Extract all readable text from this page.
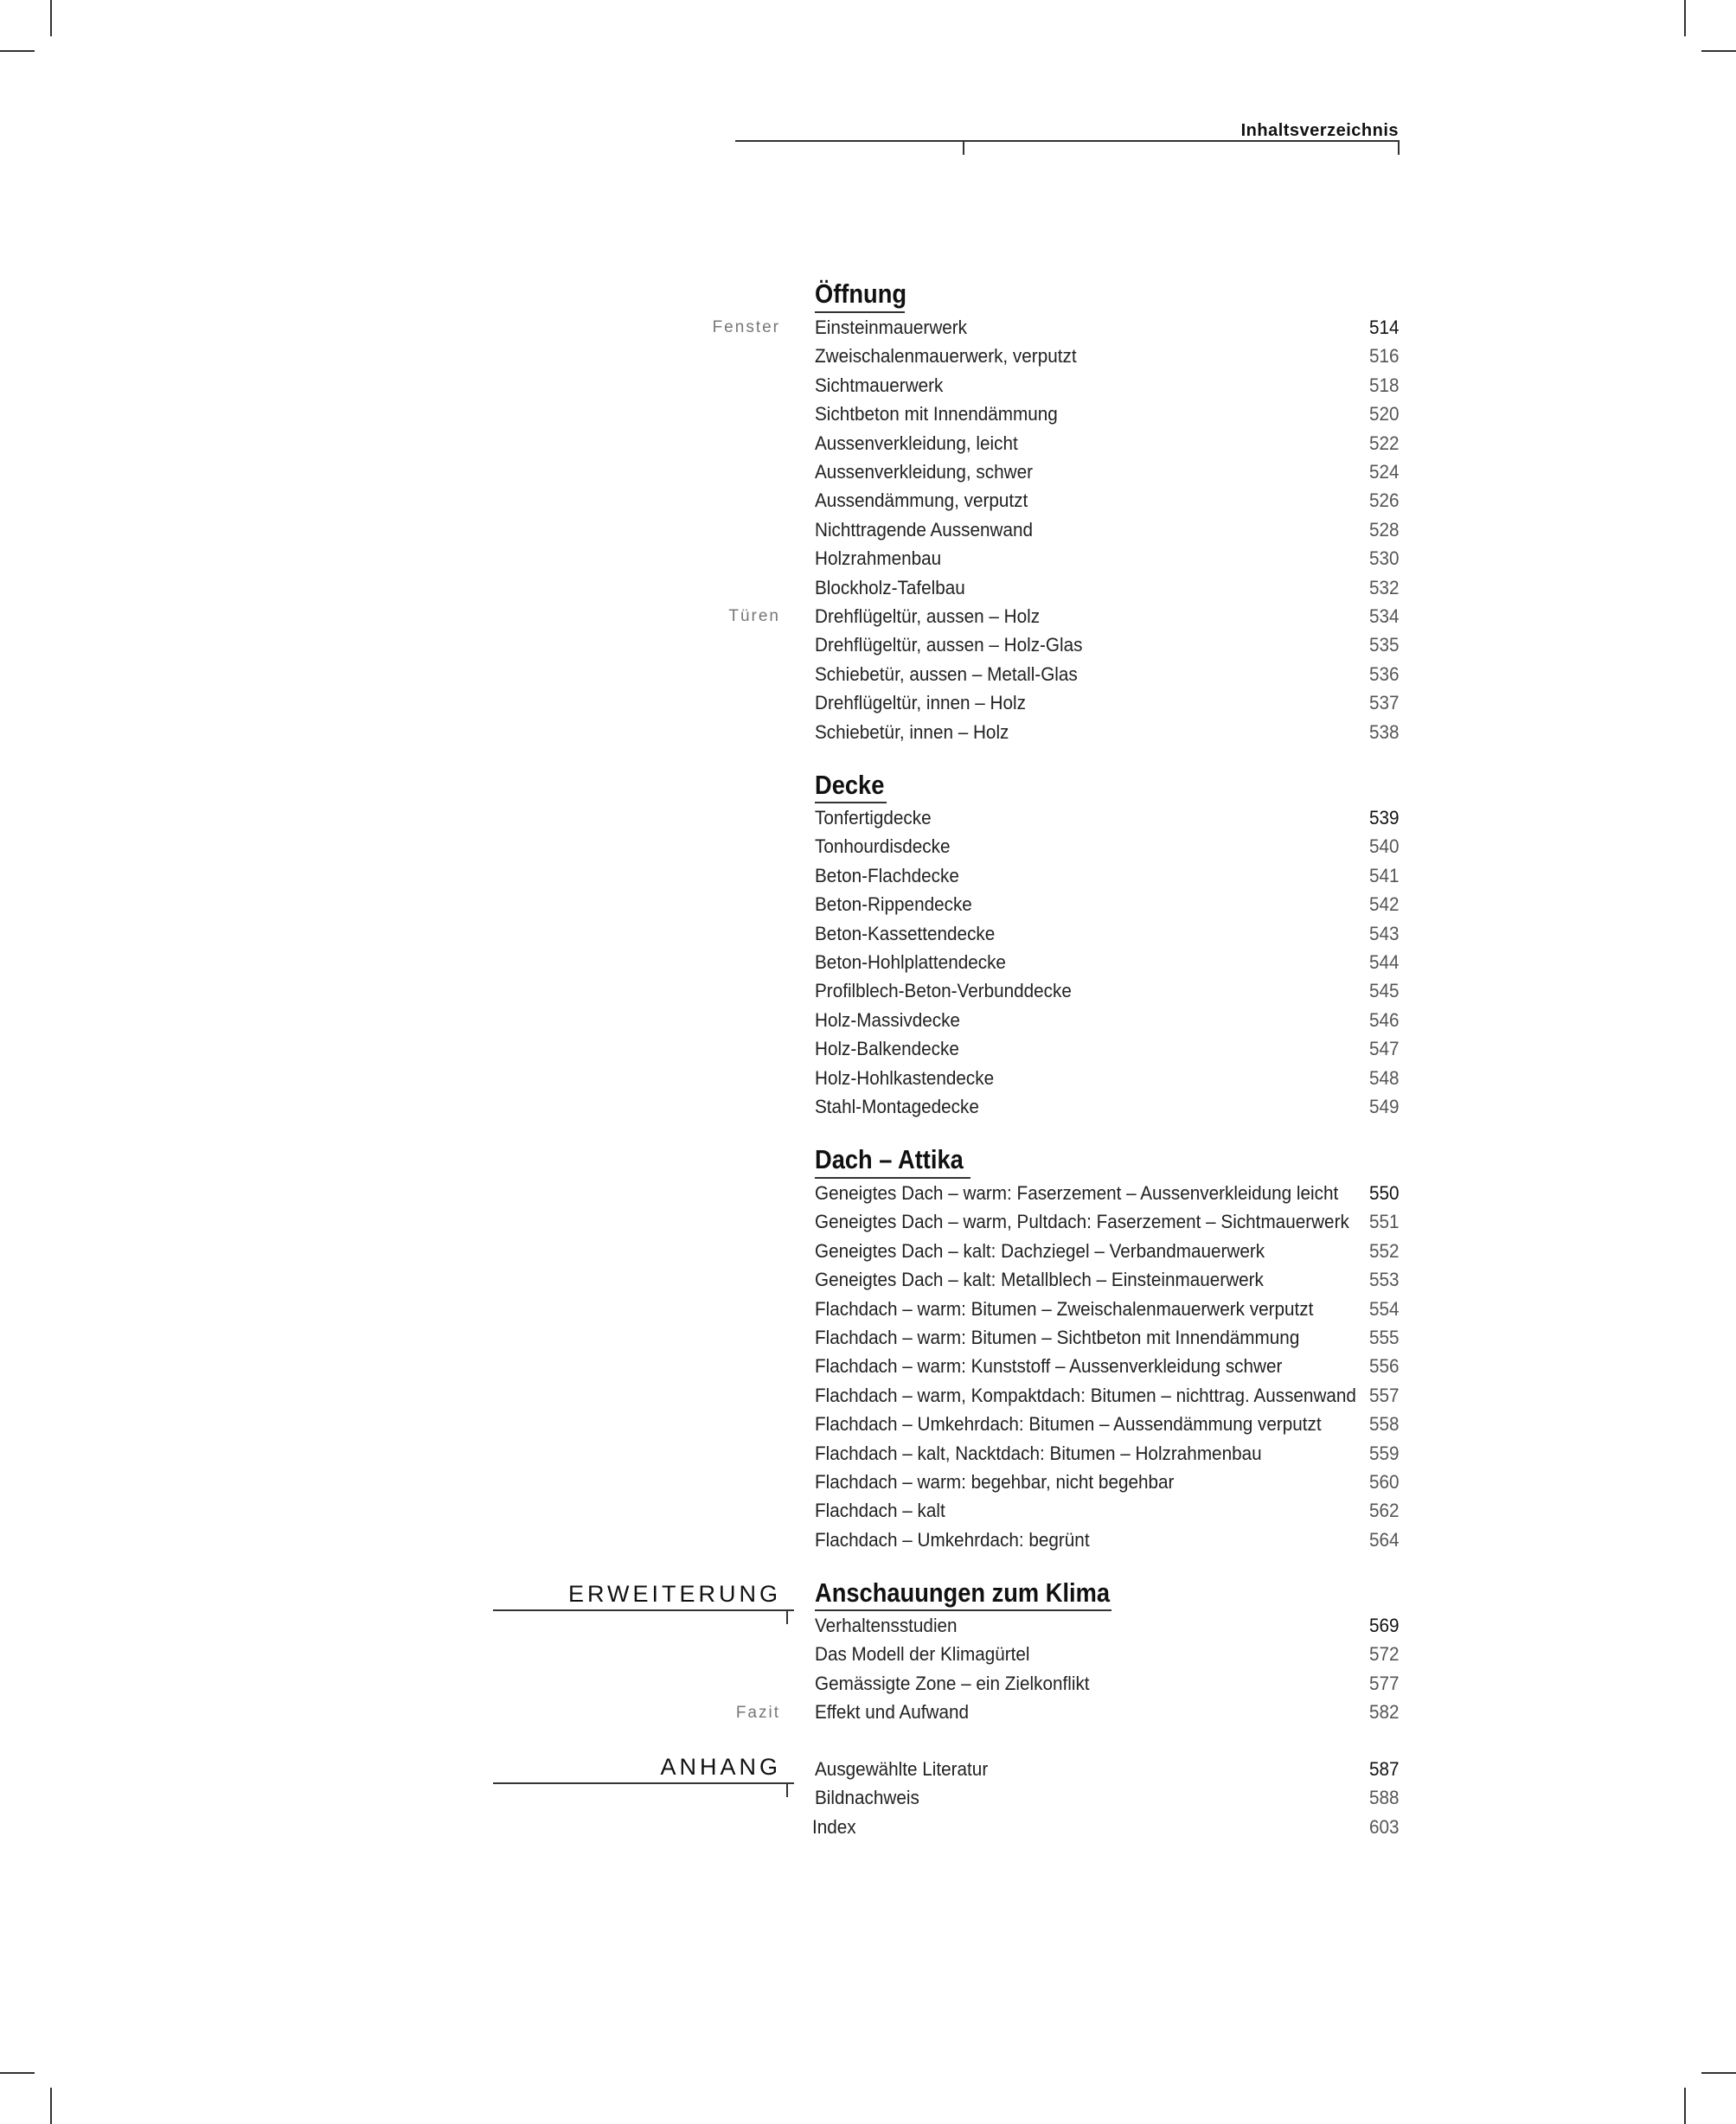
Inhaltsverzeichnis
Öffnung
Fenster
Türen
Einsteinmauerwerk	514
Zweischalenmauerwerk, verputzt	516
Sichtmauerwerk	518
Sichtbeton mit Innendämmung	520
Aussenverkleidung, leicht	522
Aussenverkleidung, schwer	524
Aussendämmung, verputzt	526
Nichttragende Aussenwand	528
Holzrahmenbau	530
Blockholz-Tafelbau	532
Drehflügeltür, aussen – Holz	534
Drehflügeltür, aussen – Holz-Glas	535
Schiebetür, aussen – Metall-Glas	536
Drehflügeltür, innen – Holz	537
Schiebetür, innen – Holz	538
Decke
Tonfertigdecke	539
Tonhourdisdecke	540
Beton-Flachdecke	541
Beton-Rippendecke	542
Beton-Kassettendecke	543
Beton-Hohlplattendecke	544
Profilblech-Beton-Verbunddecke	545
Holz-Massivdecke	546
Holz-Balkendecke	547
Holz-Hohlkastendecke	548
Stahl-Montagedecke	549
Dach – Attika
Geneigtes Dach – warm: Faserzement – Aussenverkleidung leicht 550
Geneigtes Dach – warm, Pultdach: Faserzement – Sichtmauerwerk 551
Geneigtes Dach – kalt: Dachziegel – Verbandmauerwerk	552
Geneigtes Dach – kalt: Metallblech – Einsteinmauerwerk	553
Flachdach – warm: Bitumen – Zweischalenmauerwerk verputzt	554
Flachdach – warm: Bitumen – Sichtbeton mit Innendämmung	555
Flachdach – warm: Kunststoff – Aussenverkleidung schwer	556
Flachdach – warm, Kompaktdach: Bitumen – nichttrag. Aussenwand 557
Flachdach – Umkehrdach: Bitumen – Aussendämmung verputzt 558
Flachdach – kalt, Nacktdach: Bitumen – Holzrahmenbau	559
Flachdach – warm: begehbar, nicht begehbar	560
Flachdach – kalt	562
Flachdach – Umkehrdach: begrünt	564
ERWEITERUNG Anschauungen zum Klima
Fazit
Verhaltensstudien	569
Das Modell der Klimagürtel	572
Gemässigte Zone – ein Zielkonflikt	577
Effekt und Aufwand	582
ANHANG Ausgewählte Literatur	587
Bildnachweis	588
Index	603
